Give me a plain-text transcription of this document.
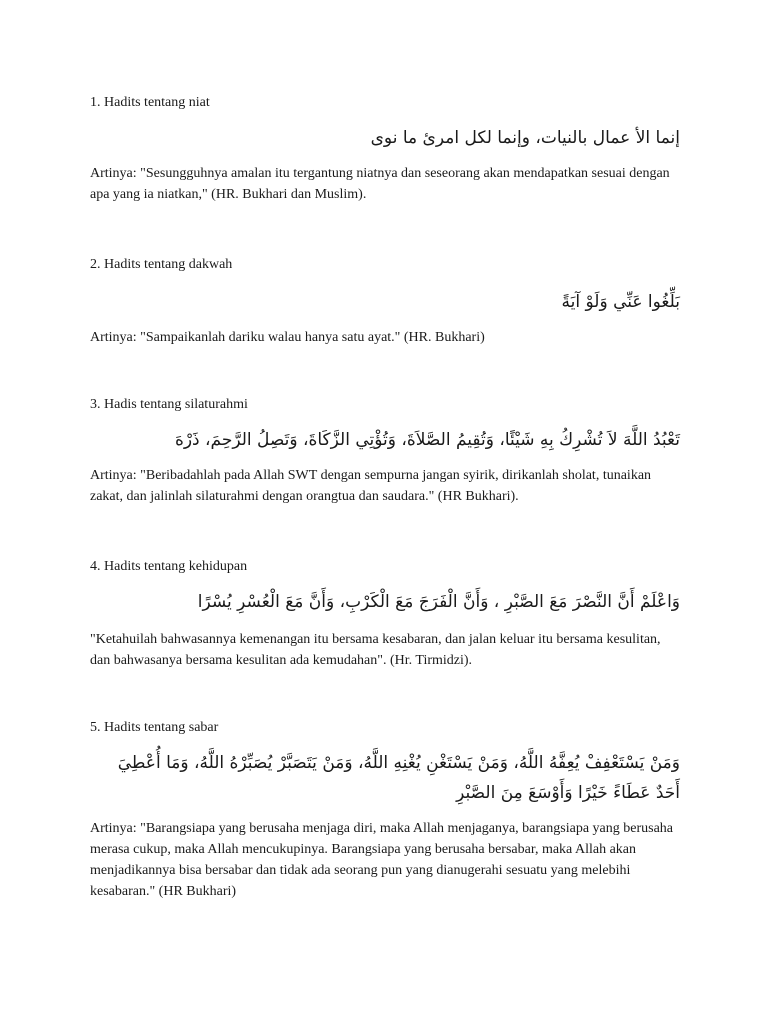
1. Hadits tentang niat

إنما الأ عمال بالنيات، وإنما لكل امرئ ما نوى

Artinya: "Sesungguhnya amalan itu tergantung niatnya dan seseorang akan mendapatkan sesuai dengan apa yang ia niatkan," (HR. Bukhari dan Muslim).

2. Hadits tentang dakwah

بَلِّغُوا عَنِّي وَلَوْ آيَةً

Artinya: "Sampaikanlah dariku walau hanya satu ayat." (HR. Bukhari)

3. Hadis tentang silaturahmi

تَعْبُدُ اللَّهَ لاَ تُشْرِكُ بِهِ شَيْئًا، وَتُقِيمُ الصَّلاَةَ، وَتُؤْتِي الزَّكَاةَ، وَتَصِلُ الرَّحِمَ، ذَرْهَ

Artinya: "Beribadahlah pada Allah SWT dengan sempurna jangan syirik, dirikanlah sholat, tunaikan zakat, dan jalinlah silaturahmi dengan orangtua dan saudara." (HR Bukhari).

4. Hadits tentang kehidupan

وَاعْلَمْ أَنَّ النَّصْرَ مَعَ الصَّبْرِ ، وَأَنَّ الْفَرَجَ مَعَ الْكَرْبِ، وَأَنَّ مَعَ الْعُسْرِ يُسْرًا

"Ketahuilah bahwasannya kemenangan itu bersama kesabaran, dan jalan keluar itu bersama kesulitan, dan bahwasanya bersama kesulitan ada kemudahan". (Hr. Tirmidzi).

5. Hadits tentang sabar

وَمَنْ يَسْتَعْفِفْ يُعِفَّهُ اللَّهُ، وَمَنْ يَسْتَغْنِ يُغْنِهِ اللَّهُ، وَمَنْ يَتَصَبَّرْ يُصَبِّرْهُ اللَّهُ، وَمَا أُعْطِيَ أَحَدٌ عَطَاءً خَيْرًا وَأَوْسَعَ مِنَ الصَّبْرِ

Artinya: "Barangsiapa yang berusaha menjaga diri, maka Allah menjaganya, barangsiapa yang berusaha merasa cukup, maka Allah mencukupinya. Barangsiapa yang berusaha bersabar, maka Allah akan menjadikannya bisa bersabar dan tidak ada seorang pun yang dianugerahi sesuatu yang melebihi kesabaran." (HR Bukhari)
